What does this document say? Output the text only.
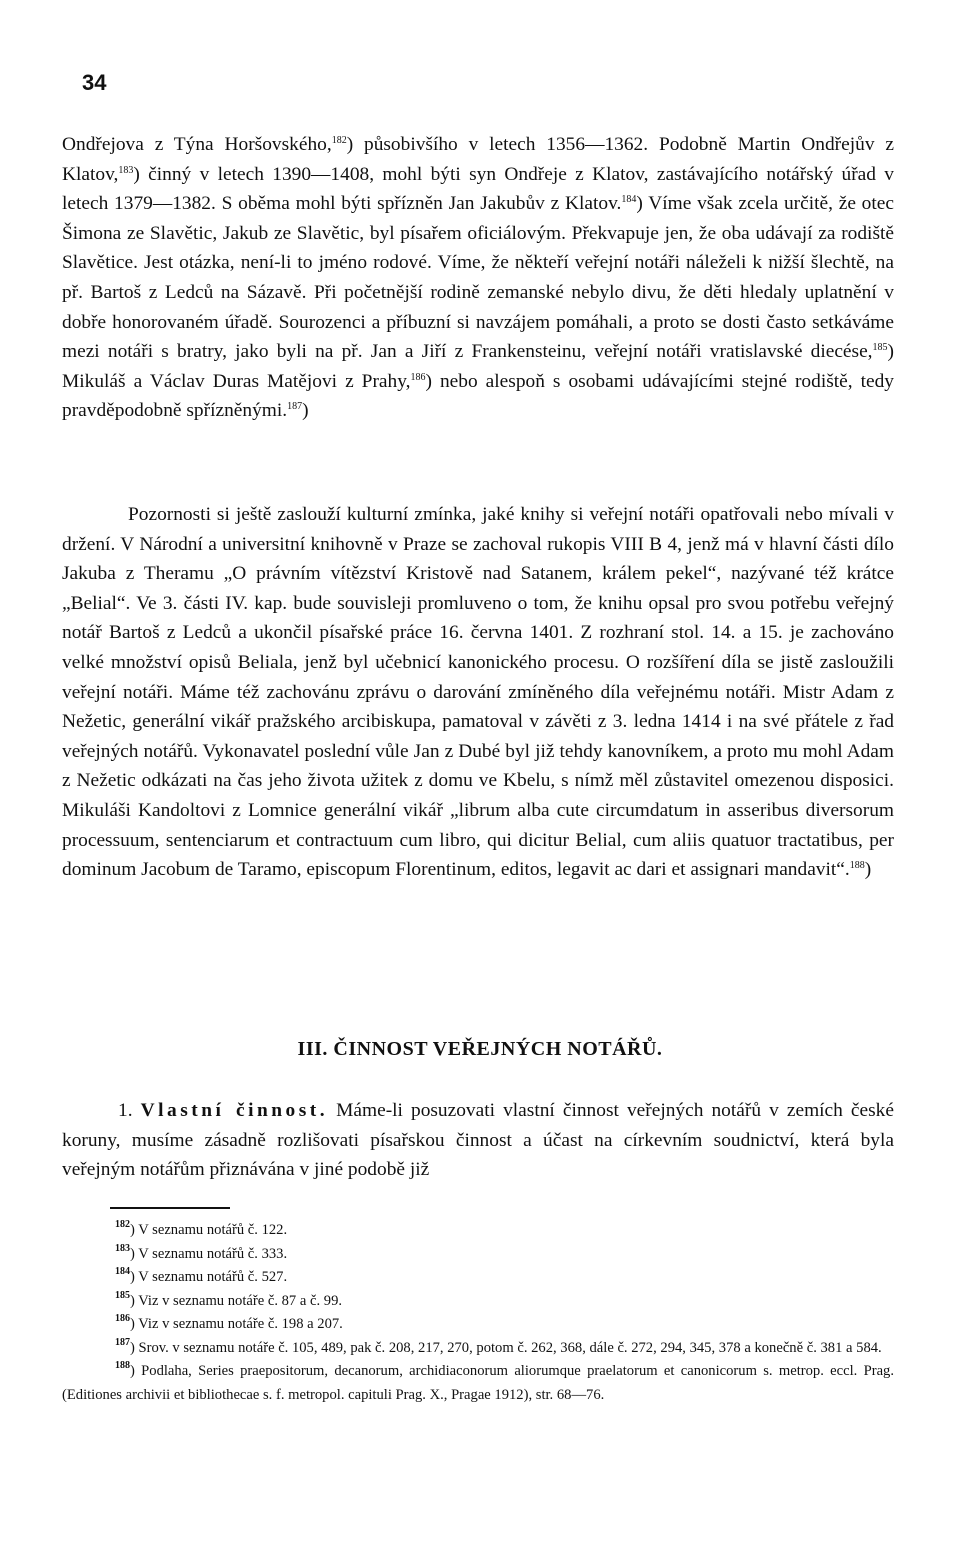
34

Ondřejova z Týna Horšovského,$^{182}$) působivšího v letech 1356—1362. Podobně Martin Ondřejův z Klatov,$^{183}$) činný v letech 1390—1408, mohl býti syn Ondřeje z Klatov, zastávajícího notářský úřad v letech 1379—1382. S oběma mohl býti spřízněn Jan Jakubův z Klatov.$^{184}$) Víme však zcela určitě, že otec Šimona ze Slavětic, Jakub ze Slavětic, byl písařem oficiálovým. Překvapuje jen, že oba udávají za rodiště Slavětice. Jest otázka, není-li to jméno rodové. Víme, že někteří veřejní notáři náleželi k nižší šlechtě, na př. Bartoš z Ledců na Sázavě. Při početnější rodině zemanské nebylo divu, že děti hledaly uplatnění v dobře honorovaném úřadě. Sourozenci a příbuzní si navzájem pomáhali, a proto se dosti často setkáváme mezi notáři s bratry, jako byli na př. Jan a Jiří z Frankensteinu, veřejní notáři vratislavské diecése,$^{185}$) Mikuláš a Václav Duras Matějovi z Prahy,$^{186}$) nebo alespoň s osobami udávajícími stejné rodiště, tedy pravděpodobně spřízněnými.$^{187}$)

Pozornosti si ještě zaslouží kulturní zmínka, jaké knihy si veřejní notáři opatřovali nebo mívali v držení. V Národní a universitní knihovně v Praze se zachoval rukopis VIII B 4, jenž má v hlavní části dílo Jakuba z Theramu „O právním vítězství Kristově nad Satanem, králem pekel“, nazývané též krátce „Belial“. Ve 3. části IV. kap. bude souvisleji promluveno o tom, že knihu opsal pro svou potřebu veřejný notář Bartoš z Ledců a ukončil písařské práce 16. června 1401. Z rozhraní stol. 14. a 15. je zachováno velké množství opisů Beliala, jenž byl učebnicí kanonického procesu. O rozšíření díla se jistě zasloužili veřejní notáři. Máme též zachovánu zprávu o darování zmíněného díla veřejnému notáři. Mistr Adam z Nežetic, generální vikář pražského arcibiskupa, pamatoval v závěti z 3. ledna 1414 i na své přátele z řad veřejných notářů. Vykonavatel poslední vůle Jan z Dubé byl již tehdy kanovníkem, a proto mu mohl Adam z Nežetic odkázati na čas jeho života užitek z domu ve Kbelu, s nímž měl zůstavitel omezenou disposici. Mikuláši Kandoltovi z Lomnice generální vikář „librum alba cute circumdatum in asseribus diversorum processuum, sentenciarum et contractuum cum libro, qui dicitur Belial, cum aliis quatuor tractatibus, per dominum Jacobum de Taramo, episcopum Florentinum, editos, legavit ac dari et assignari mandavit“.$^{188}$)

III. ČINNOST VEŘEJNÝCH NOTÁŘŮ.

1. Vlastní činnost. Máme-li posuzovati vlastní činnost veřejných notářů v zemích české koruny, musíme zásadně rozlišovati písařskou činnost a účast na církevním soudnictví, která byla veřejným notářům přiznávána v jiné podobě již

$^{182}$) V seznamu notářů č. 122.

$^{183}$) V seznamu notářů č. 333.

$^{184}$) V seznamu notářů č. 527.

$^{185}$) Viz v seznamu notáře č. 87 a č. 99.

$^{186}$) Viz v seznamu notáře č. 198 a 207.

$^{187}$) Srov. v seznamu notáře č. 105, 489, pak č. 208, 217, 270, potom č. 262, 368, dále č. 272, 294, 345, 378 a konečně č. 381 a 584.

$^{188}$) Podlaha, Series praepositorum, decanorum, archidiaconorum aliorumque praelatorum et canonicorum s. metrop. eccl. Prag. (Editiones archivii et bibliothecae s. f. metropol. capituli Prag. X., Pragae 1912), str. 68—76.
